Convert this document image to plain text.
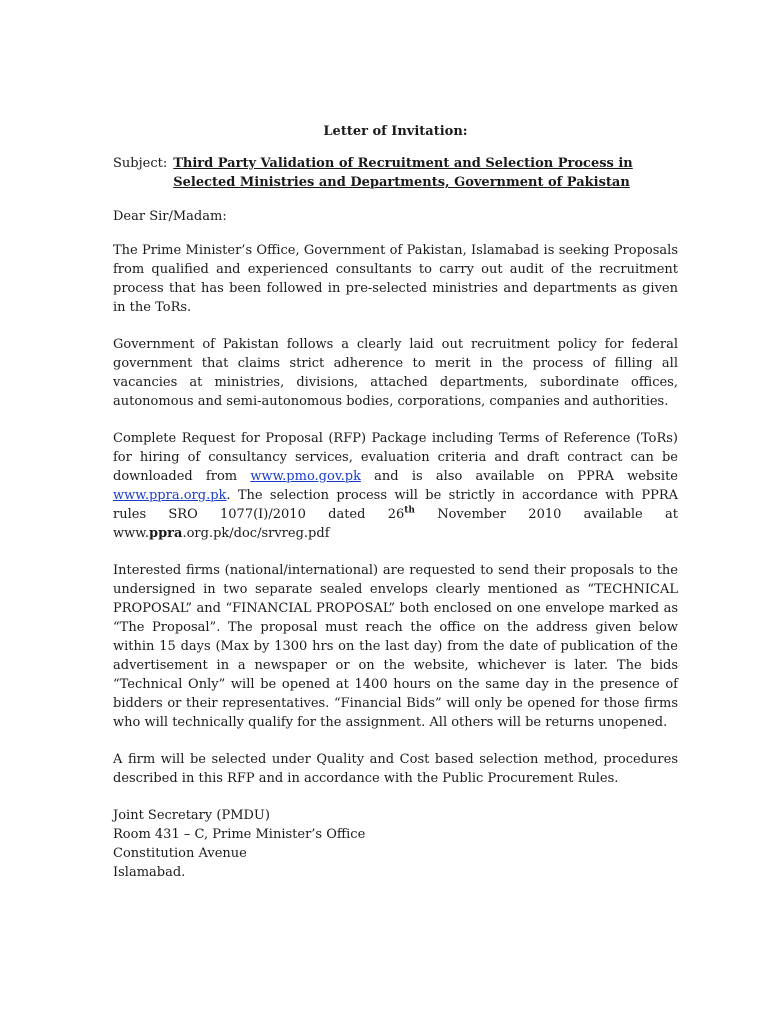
Letter of Invitation:
Subject: Third Party Validation of Recruitment and Selection Process in Selected Ministries and Departments, Government of Pakistan
Dear Sir/Madam:

The Prime Minister’s Office, Government of Pakistan, Islamabad is seeking Proposals from qualified and experienced consultants to carry out audit of the recruitment process that has been followed in pre-selected ministries and departments as given in the ToRs.

Government of Pakistan follows a clearly laid out recruitment policy for federal government that claims strict adherence to merit in the process of filling all vacancies at ministries, divisions, attached departments, subordinate offices, autonomous and semi-autonomous bodies, corporations, companies and authorities.

Complete Request for Proposal (RFP) Package including Terms of Reference (ToRs) for hiring of consultancy services, evaluation criteria and draft contract can be downloaded from www.pmo.gov.pk and is also available on PPRA website www.ppra.org.pk. The selection process will be strictly in accordance with PPRA rules SRO 1077(I)/2010 dated 26th November 2010 available at www.ppra.org.pk/doc/srvreg.pdf

Interested firms (national/international) are requested to send their proposals to the undersigned in two separate sealed envelops clearly mentioned as “TECHNICAL PROPOSAL” and “FINANCIAL PROPOSAL” both enclosed on one envelope marked as “The Proposal”. The proposal must reach the office on the address given below within 15 days (Max by 1300 hrs on the last day) from the date of publication of the advertisement in a newspaper or on the website, whichever is later. The bids “Technical Only” will be opened at 1400 hours on the same day in the presence of bidders or their representatives. “Financial Bids” will only be opened for those firms who will technically qualify for the assignment. All others will be returns unopened.

A firm will be selected under Quality and Cost based selection method, procedures described in this RFP and in accordance with the Public Procurement Rules.

Joint Secretary (PMDU)
Room 431 – C, Prime Minister’s Office
Constitution Avenue
Islamabad.
